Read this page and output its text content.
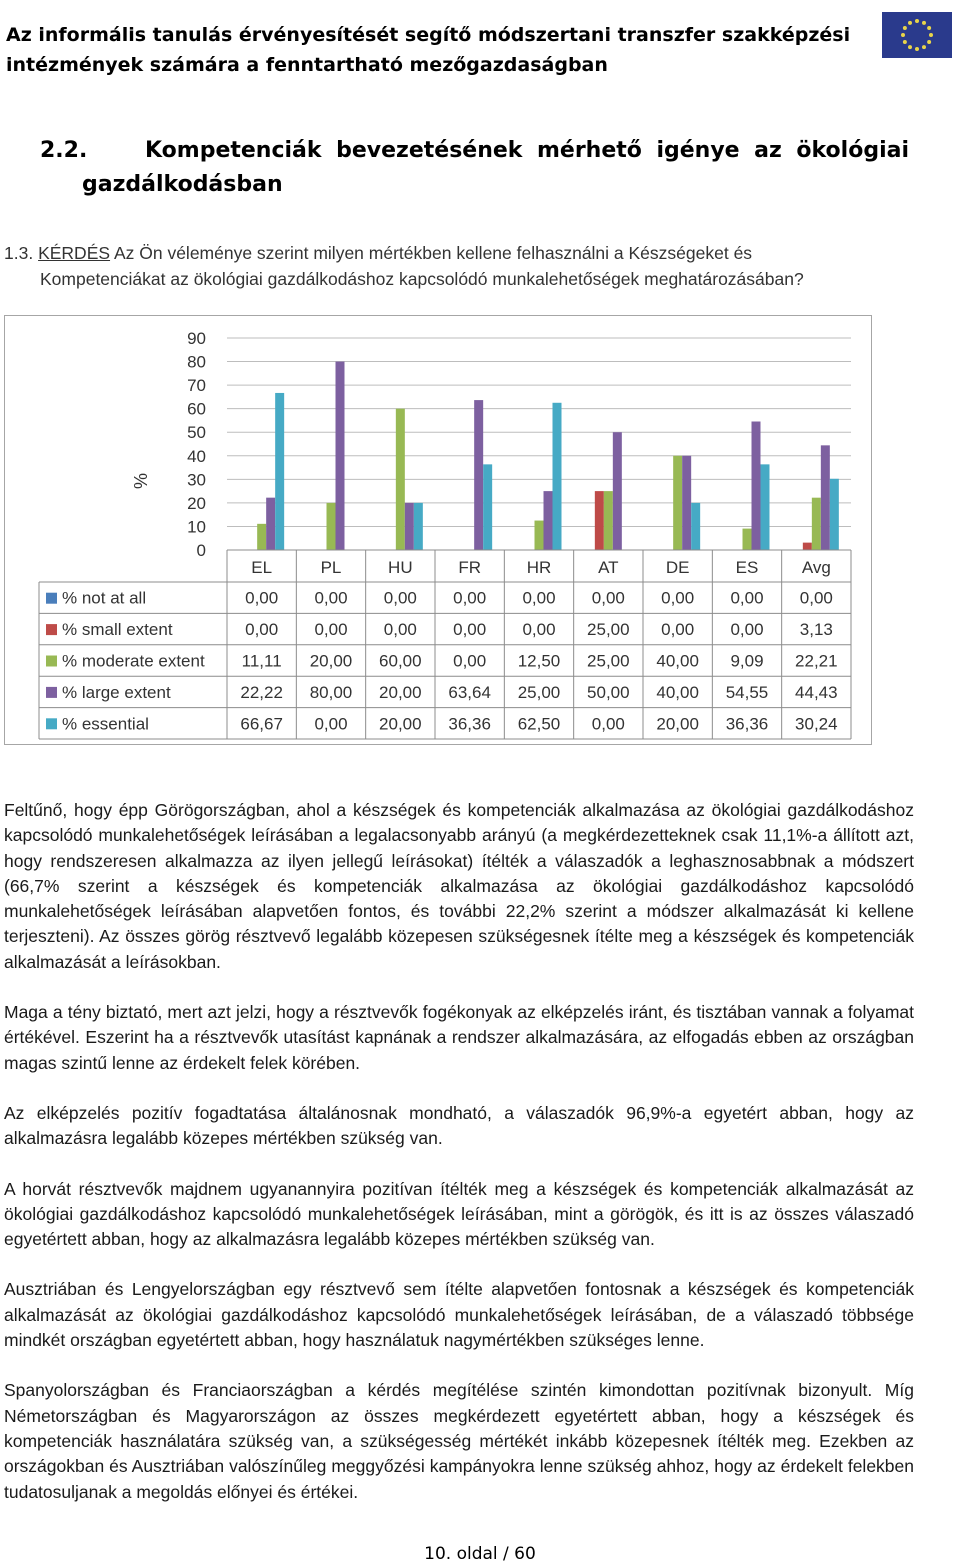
Az informális tanulás érvényesítését segítő módszertani transzfer szakképzési
intézmények számára a fenntartható mezőgazdaságban
2.2.	Kompetenciák bevezetésének mérhető igénye az ökológiai
gazdálkodásban
1.3. KÉRDÉS Az Ön véleménye szerint milyen mértékben kellene felhasználni a Készségeket és
Kompetenciákat az ökológiai gazdálkodáshoz kapcsolódó munkalehetőségek meghatározásában?
0
10
20
30
40
50
60
70
80
90
%
EL	PL	HU	FR	HR	AT	DE	ES	Avg
% not at all	0,00 0,00 0,00 0,00 0,00 0,00 0,00 0,00 0,00
% small extent	0,00 0,00 0,00 0,00 0,00 25,00 0,00 0,00 3,13
% moderate extent 11,11 20,00 60,00 0,00 12,50 25,00 40,00 9,09 22,21
% large extent	22,22 80,00 20,00 63,64 25,00 50,00 40,00 54,55 44,43
% essential	66,67 0,00 20,00 36,36 62,50 0,00 20,00 36,36 30,24

Feltűnő, hogy épp Görögországban, ahol a készségek és kompetenciák alkalmazása az ökológiai gazdálkodáshoz kapcsolódó munkalehetőségek leírásában a legalacsonyabb arányú (a megkérdezetteknek csak 11,1%-a állított azt, hogy rendszeresen alkalmazza az ilyen jellegű leírásokat) ítélték a válaszadók a leghasznosabbnak a módszert (66,7% szerint a készségek és kompetenciák alkalmazása az ökológiai gazdálkodáshoz kapcsolódó munkalehetőségek leírásában alapvetően fontos, és további 22,2% szerint a módszer alkalmazását ki kellene terjeszteni). Az összes görög résztvevő legalább közepesen szükségesnek ítélte meg a készségek és kompetenciák alkalmazását a leírásokban.

Maga a tény biztató, mert azt jelzi, hogy a résztvevők fogékonyak az elképzelés iránt, és tisztában vannak a folyamat értékével. Eszerint ha a résztvevők utasítást kapnának a rendszer alkalmazására, az elfogadás ebben az országban magas szintű lenne az érdekelt felek körében.

Az elképzelés pozitív fogadtatása általánosnak mondható, a válaszadók 96,9%-a egyetért abban, hogy az alkalmazásra legalább közepes mértékben szükség van.

A horvát résztvevők majdnem ugyanannyira pozitívan ítélték meg a készségek és kompetenciák alkalmazását az ökológiai gazdálkodáshoz kapcsolódó munkalehetőségek leírásában, mint a görögök, és itt is az összes válaszadó egyetértett abban, hogy az alkalmazásra legalább közepes mértékben szükség van.

Ausztriában és Lengyelországban egy résztvevő sem ítélte alapvetően fontosnak a készségek és kompetenciák alkalmazását az ökológiai gazdálkodáshoz kapcsolódó munkalehetőségek leírásában, de a válaszadó többsége mindkét országban egyetértett abban, hogy használatuk nagymértékben szükséges lenne.

Spanyolországban és Franciaországban a kérdés megítélése szintén kimondottan pozitívnak bizonyult. Míg Németországban és Magyarországon az összes megkérdezett egyetértett abban, hogy a készségek és kompetenciák használatára szükség van, a szükségesség mértékét inkább közepesnek ítélték meg. Ezekben az országokban és Ausztriában valószínűleg meggyőzési kampányokra lenne szükség ahhoz, hogy az érdekelt felekben tudatosuljanak a megoldás előnyei és értékei.

10. oldal / 60
